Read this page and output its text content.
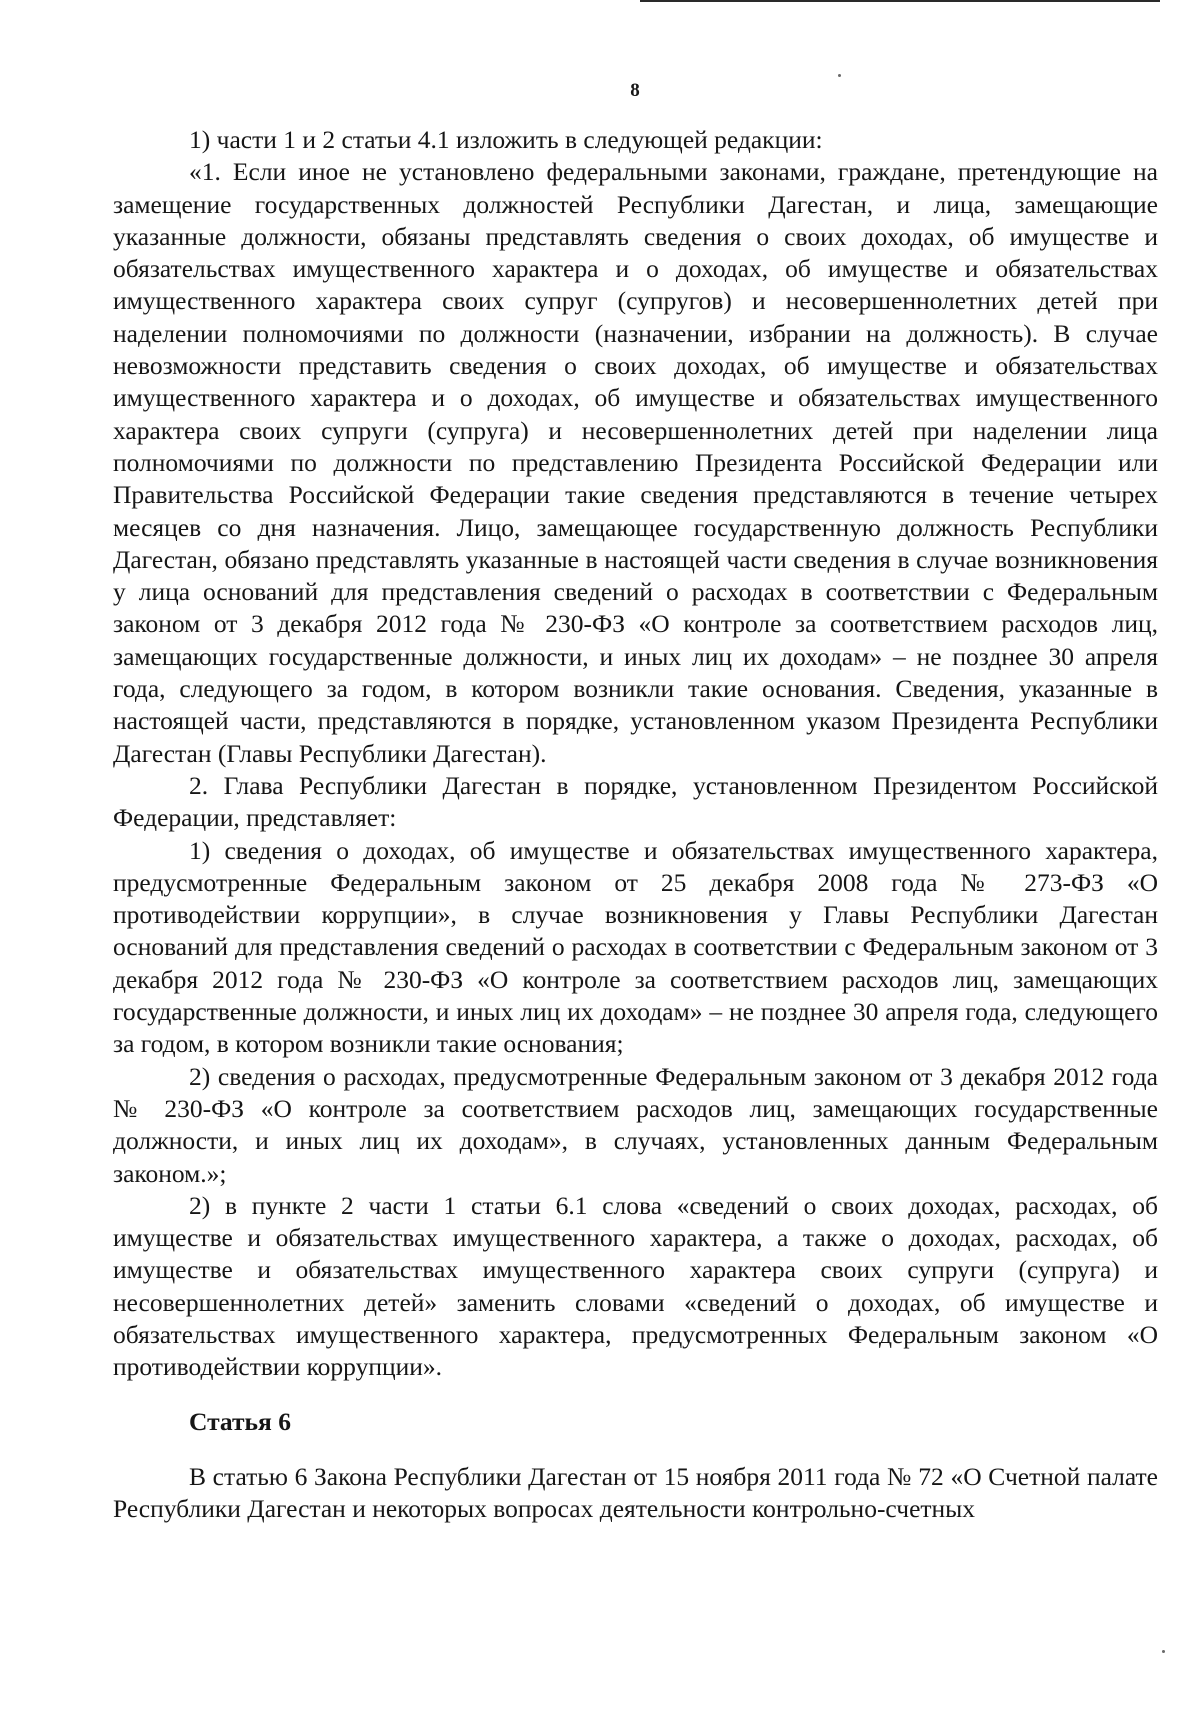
8

1) части 1 и 2 статьи 4.1 изложить в следующей редакции:

«1. Если иное не установлено федеральными законами, граждане, претендующие на замещение государственных должностей Республики Дагестан, и лица, замещающие указанные должности, обязаны представлять сведения о своих доходах, об имуществе и обязательствах имущественного характера и о доходах, об имуществе и обязательствах имущественного характера своих супруг (супругов) и несовершеннолетних детей при наделении полномочиями по должности (назначении, избрании на должность). В случае невозможности представить сведения о своих доходах, об имуществе и обязательствах имущественного характера и о доходах, об имуществе и обязательствах имущественного характера своих супруги (супруга) и несовершеннолетних детей при наделении лица полномочиями по должности по представлению Президента Российской Федерации или Правительства Российской Федерации такие сведения представляются в течение четырех месяцев со дня назначения. Лицо, замещающее государственную должность Республики Дагестан, обязано представлять указанные в настоящей части сведения в случае возникновения у лица оснований для представления сведений о расходах в соответствии с Федеральным законом от 3 декабря 2012 года № 230-ФЗ «О контроле за соответствием расходов лиц, замещающих государственные должности, и иных лиц их доходам» – не позднее 30 апреля года, следующего за годом, в котором возникли такие основания. Сведения, указанные в настоящей части, представляются в порядке, установленном указом Президента Республики Дагестан (Главы Республики Дагестан).

2. Глава Республики Дагестан в порядке, установленном Президентом Российской Федерации, представляет:

1) сведения о доходах, об имуществе и обязательствах имущественного характера, предусмотренные Федеральным законом от 25 декабря 2008 года № 273-ФЗ «О противодействии коррупции», в случае возникновения у Главы Республики Дагестан оснований для представления сведений о расходах в соответствии с Федеральным законом от 3 декабря 2012 года № 230-ФЗ «О контроле за соответствием расходов лиц, замещающих государственные должности, и иных лиц их доходам» – не позднее 30 апреля года, следующего за годом, в котором возникли такие основания;

2) сведения о расходах, предусмотренные Федеральным законом от 3 декабря 2012 года № 230-ФЗ «О контроле за соответствием расходов лиц, замещающих государственные должности, и иных лиц их доходам», в случаях, установленных данным Федеральным законом.»;

2) в пункте 2 части 1 статьи 6.1 слова «сведений о своих доходах, расходах, об имуществе и обязательствах имущественного характера, а также о доходах, расходах, об имуществе и обязательствах имущественного характера своих супруги (супруга) и несовершеннолетних детей» заменить словами «сведений о доходах, об имуществе и обязательствах имущественного характера, предусмотренных Федеральным законом «О противодействии коррупции».

Статья 6

В статью 6 Закона Республики Дагестан от 15 ноября 2011 года № 72 «О Счетной палате Республики Дагестан и некоторых вопросах деятельности контрольно-счетных
